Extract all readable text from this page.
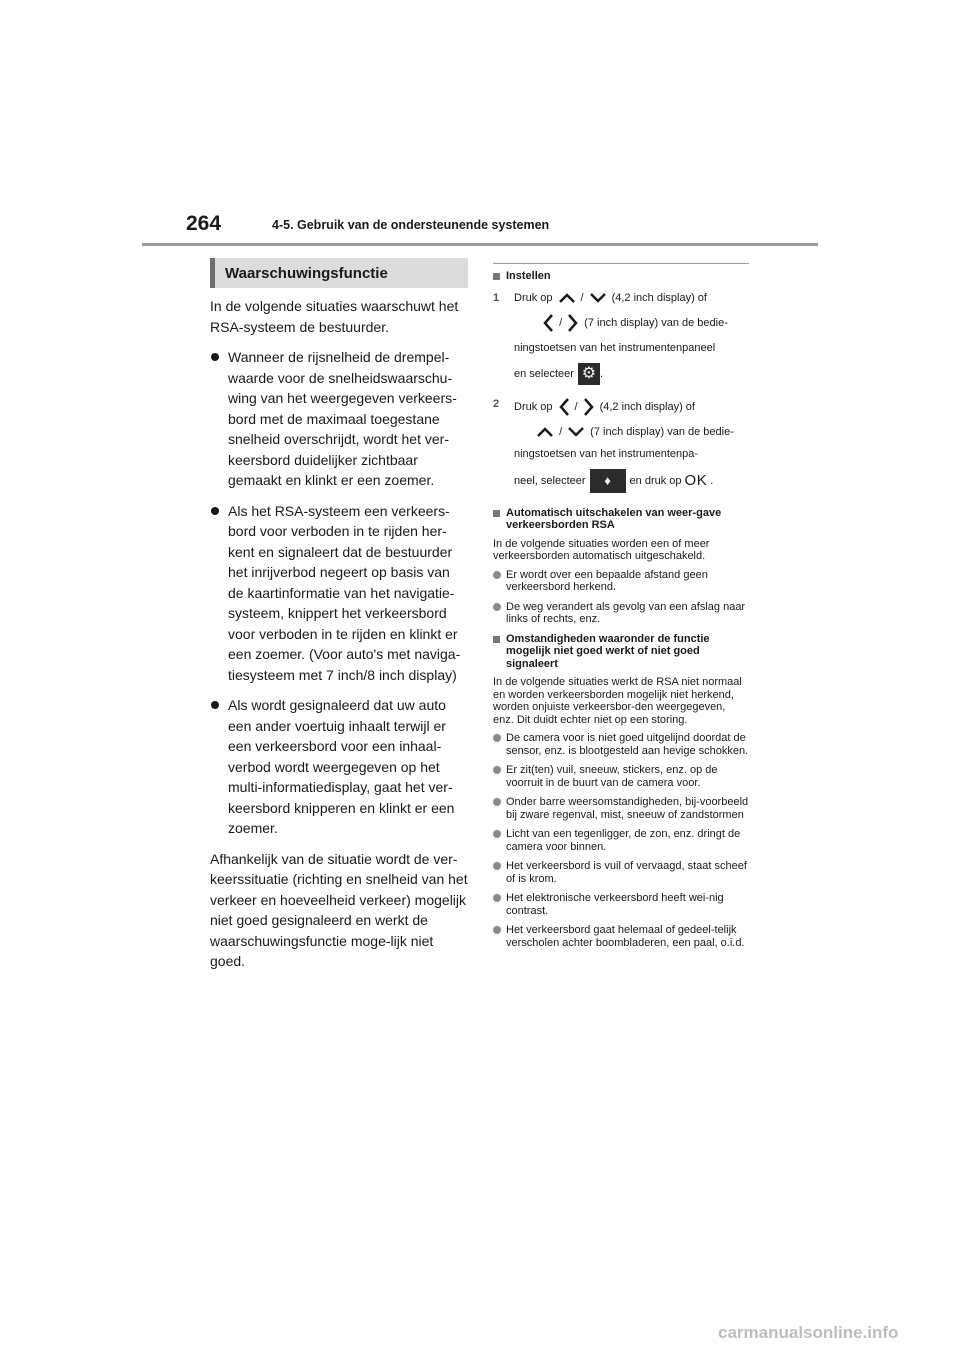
264	4-5. Gebruik van de ondersteunende systemen
Waarschuwingsfunctie

In de volgende situaties waarschuwt het RSA-systeem de bestuurder.

Wanneer de rijsnelheid de drempel-waarde voor de snelheidswaarschu-wing van het weergegeven verkeers-bord met de maximaal toegestane snelheid overschrijdt, wordt het ver-keersbord duidelijker zichtbaar gemaakt en klinkt er een zoemer.
Als het RSA-systeem een verkeers-bord voor verboden in te rijden her-kent en signaleert dat de bestuurder het inrijverbod negeert op basis van de kaartinformatie van het navigatie-systeem, knippert het verkeersbord voor verboden in te rijden en klinkt er een zoemer. (Voor auto's met naviga-tiesysteem met 7 inch/8 inch display)
Als wordt gesignaleerd dat uw auto een ander voertuig inhaalt terwijl er een verkeersbord voor een inhaal-verbod wordt weergegeven op het multi-informatiedisplay, gaat het ver-keersbord knipperen en klinkt er een zoemer.

Afhankelijk van de situatie wordt de ver-keerssituatie (richting en snelheid van het verkeer en hoeveelheid verkeer) mogelijk niet goed gesignaleerd en werkt de waarschuwingsfunctie moge-lijk niet goed.

Instellen
1	Druk op	/	(4,2 inch display) of
/ (7 inch display) van de bedie-
ningstoetsen van het instrumentenpaneel
en selecteer ⚙ .
2	Druk op / (4,2 inch display) of
/	(7 inch display) van de bedie-
ningstoetsen van het instrumentenpa-
neel, selecteer	♦	en druk op OK .
Automatisch uitschakelen van weer-gave verkeersborden RSA

In de volgende situaties worden een of meer verkeersborden automatisch uitgeschakeld.

Er wordt over een bepaalde afstand geen verkeersbord herkend.
De weg verandert als gevolg van een afslag naar links of rechts, enz.
Omstandigheden waaronder de functie mogelijk niet goed werkt of niet goed signaleert

In de volgende situaties werkt de RSA niet normaal en worden verkeersborden mogelijk niet herkend, worden onjuiste verkeersbor-den weergegeven, enz. Dit duidt echter niet op een storing.

De camera voor is niet goed uitgelijnd doordat de sensor, enz. is blootgesteld aan hevige schokken.
Er zit(ten) vuil, sneeuw, stickers, enz. op de voorruit in de buurt van de camera voor.
Onder barre weersomstandigheden, bij-voorbeeld bij zware regenval, mist, sneeuw of zandstormen
Licht van een tegenligger, de zon, enz. dringt de camera voor binnen.
Het verkeersbord is vuil of vervaagd, staat scheef of is krom.
Het elektronische verkeersbord heeft wei-nig contrast.
Het verkeersbord gaat helemaal of gedeel-telijk verscholen achter boombladeren, een paal, o.i.d.
carmanualsonline.info
